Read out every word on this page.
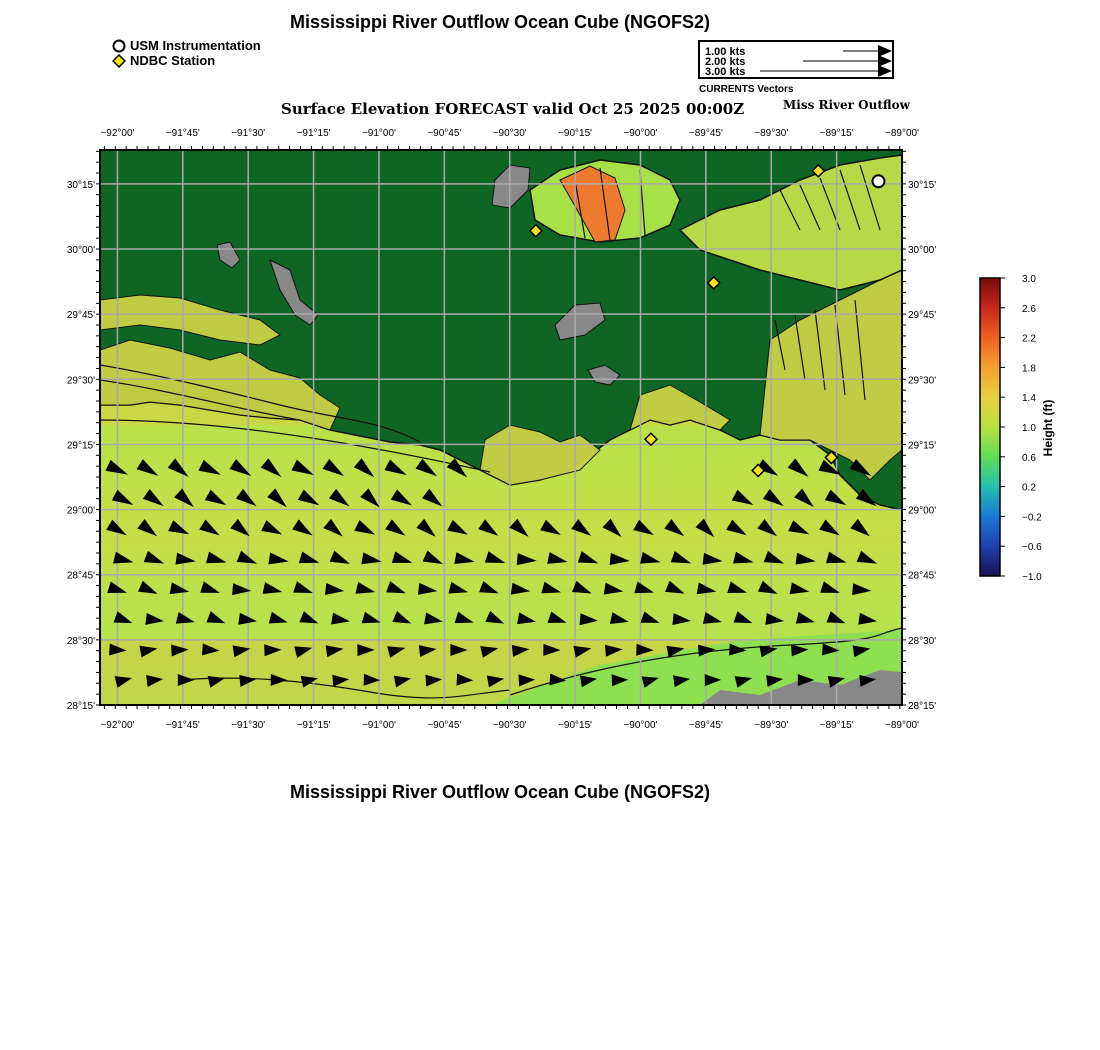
Mississippi River Outflow Ocean Cube (NGOFS2)
USM Instrumentation
NDBC Station
1.00 kts
2.00 kts
3.00 kts
CURRENTS Vectors
Surface Elevation FORECAST valid Oct 25 2025 00:00Z	Miss River Outflow
−92°00'
−92°00'
−91°45'
−91°45'
−91°30'
−91°30'
−91°15'
−91°15'
−91°00'
−91°00'
−90°45'
−90°45'
−90°30'
−90°30'
−90°15'
−90°15'
−90°00'
−90°00'
−89°45'
−89°45'
−89°30'
−89°30'
−89°15'
−89°15'
−89°00'
−89°00'
30°15'	30°15'
30°00'	30°00'
29°45'	29°45'
29°30'	29°30'
29°15'	29°15'
29°00'	29°00'
28°45'	28°45'
28°30'	28°30'
28°15'	28°15'
3.0
2.6
2.2
1.8
1.4
1.0
0.6
0.2
−0.2
−0.6
−1.0
Height (ft)
Mississippi River Outflow Ocean Cube (NGOFS2)
